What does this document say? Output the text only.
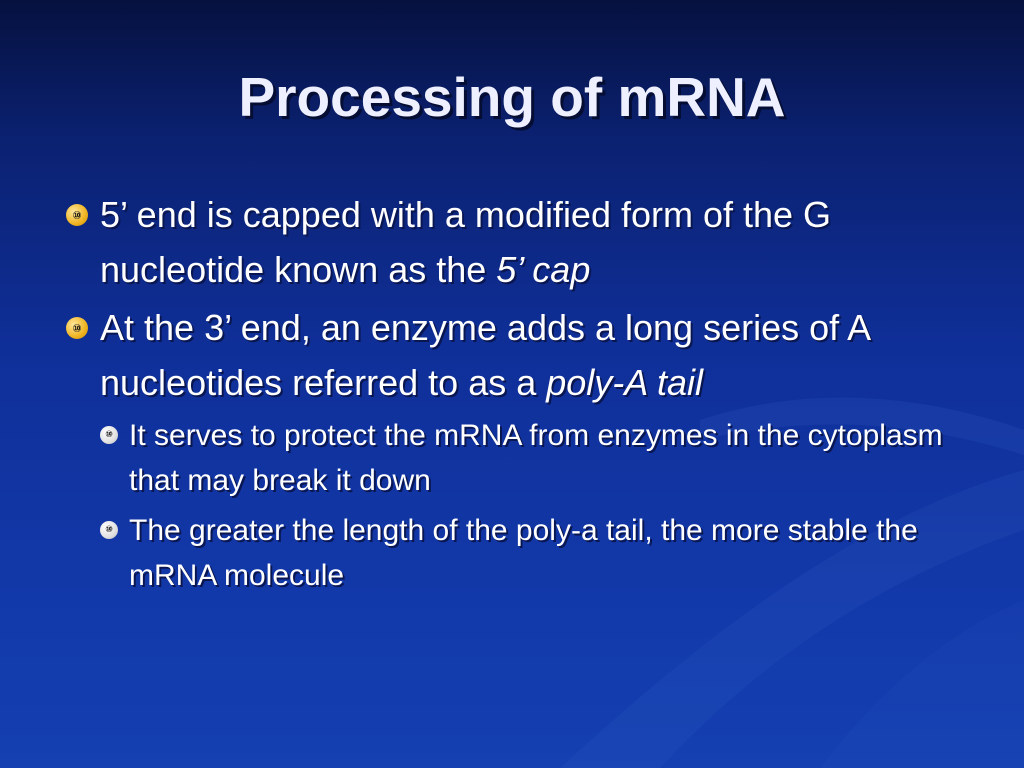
Processing of mRNA
⑩ 5’ end is capped with a modified form of the G nucleotide known as the 5’ cap
⑩ At the 3’ end, an enzyme adds a long series of A nucleotides referred to as a poly-A tail
⑩ It serves to protect the mRNA from enzymes in the cytoplasm that may break it down
⑩ The greater the length of the poly-a tail, the more stable the mRNA molecule
